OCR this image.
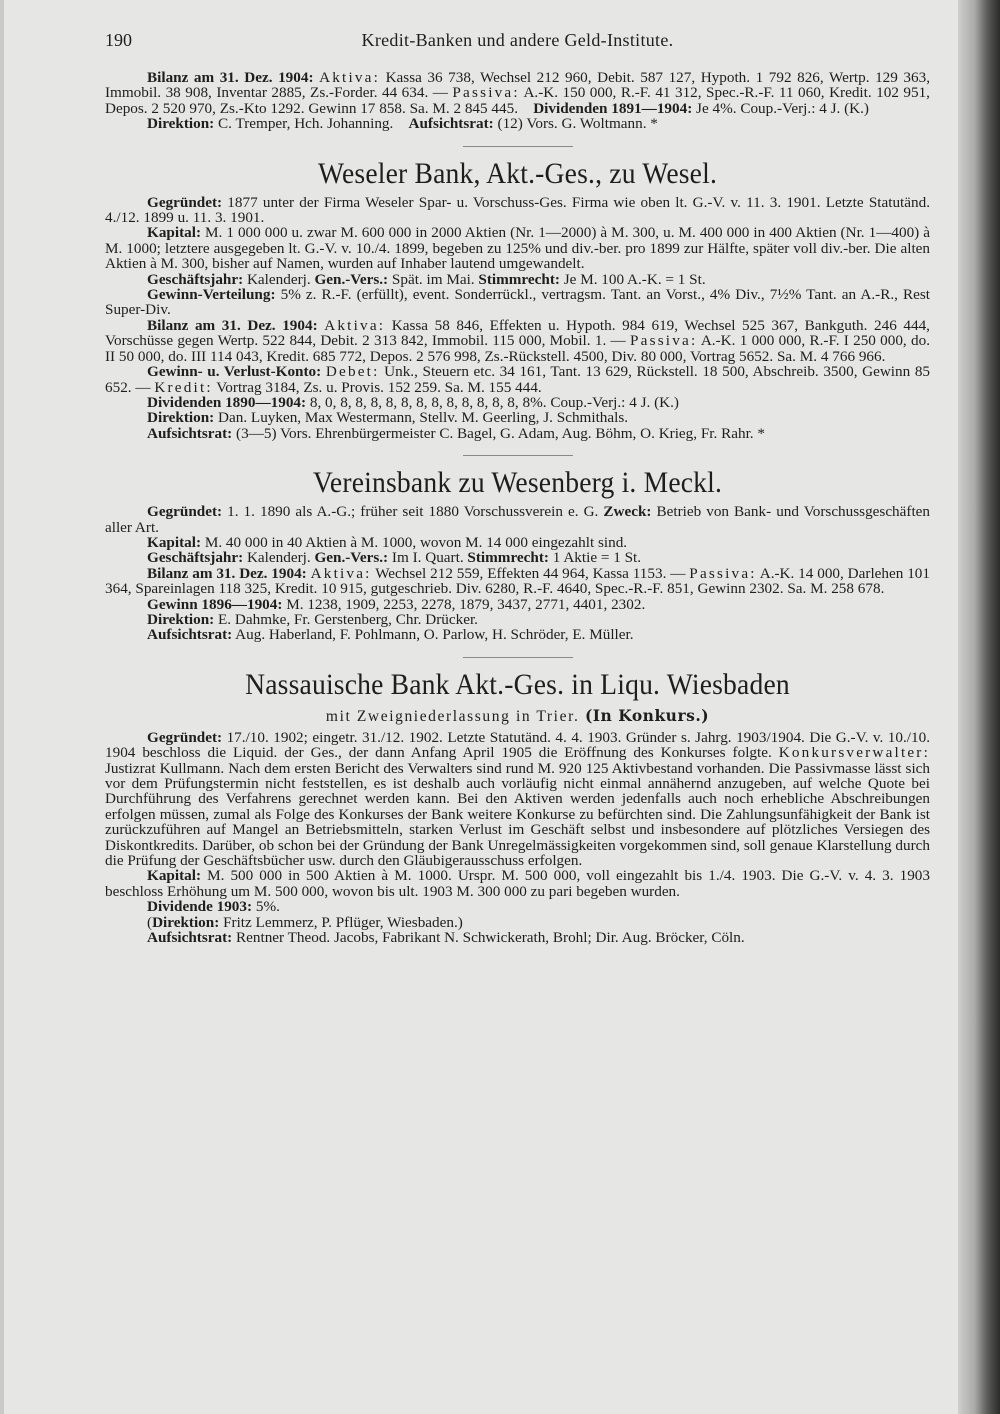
190	Kredit-Banken und andere Geld-Institute.

Bilanz am 31. Dez. 1904: Aktiva: Kassa 36 738, Wechsel 212 960, Debit. 587 127, Hypoth. 1 792 826, Wertp. 129 363, Immobil. 38 908, Inventar 2885, Zs.-Forder. 44 634. — Passiva: A.-K. 150 000, R.-F. 41 312, Spec.-R.-F. 11 060, Kredit. 102 951, Depos. 2 520 970, Zs.-Kto 1292. Gewinn 17 858. Sa. M. 2 845 445.    Dividenden 1891—1904: Je 4%. Coup.-Verj.: 4 J. (K.)

Direktion: C. Tremper, Hch. Johanning.    Aufsichtsrat: (12) Vors. G. Woltmann. *

Weseler Bank, Akt.-Ges., zu Wesel.

Gegründet: 1877 unter der Firma Weseler Spar- u. Vorschuss-Ges. Firma wie oben lt. G.-V. v. 11. 3. 1901. Letzte Statutänd. 4./12. 1899 u. 11. 3. 1901.

Kapital: M. 1 000 000 u. zwar M. 600 000 in 2000 Aktien (Nr. 1—2000) à M. 300, u. M. 400 000 in 400 Aktien (Nr. 1—400) à M. 1000; letztere ausgegeben lt. G.-V. v. 10./4. 1899, begeben zu 125% und div.-ber. pro 1899 zur Hälfte, später voll div.-ber. Die alten Aktien à M. 300, bisher auf Namen, wurden auf Inhaber lautend umgewandelt.

Geschäftsjahr: Kalenderj. Gen.-Vers.: Spät. im Mai. Stimmrecht: Je M. 100 A.-K. = 1 St.

Gewinn-Verteilung: 5% z. R.-F. (erfüllt), event. Sonderrückl., vertragsm. Tant. an Vorst., 4% Div., 7½% Tant. an A.-R., Rest Super-Div.

Bilanz am 31. Dez. 1904: Aktiva: Kassa 58 846, Effekten u. Hypoth. 984 619, Wechsel 525 367, Bankguth. 246 444, Vorschüsse gegen Wertp. 522 844, Debit. 2 313 842, Immobil. 115 000, Mobil. 1. — Passiva: A.-K. 1 000 000, R.-F. I 250 000, do. II 50 000, do. III 114 043, Kredit. 685 772, Depos. 2 576 998, Zs.-Rückstell. 4500, Div. 80 000, Vortrag 5652. Sa. M. 4 766 966.

Gewinn- u. Verlust-Konto: Debet: Unk., Steuern etc. 34 161, Tant. 13 629, Rückstell. 18 500, Abschreib. 3500, Gewinn 85 652. — Kredit: Vortrag 3184, Zs. u. Provis. 152 259. Sa. M. 155 444.

Dividenden 1890—1904: 8, 0, 8, 8, 8, 8, 8, 8, 8, 8, 8, 8, 8, 8, 8%. Coup.-Verj.: 4 J. (K.)

Direktion: Dan. Luyken, Max Westermann, Stellv. M. Geerling, J. Schmithals.

Aufsichtsrat: (3—5) Vors. Ehrenbürgermeister C. Bagel, G. Adam, Aug. Böhm, O. Krieg, Fr. Rahr. *

Vereinsbank zu Wesenberg i. Meckl.

Gegründet: 1. 1. 1890 als A.-G.; früher seit 1880 Vorschussverein e. G. Zweck: Betrieb von Bank- und Vorschussgeschäften aller Art.

Kapital: M. 40 000 in 40 Aktien à M. 1000, wovon M. 14 000 eingezahlt sind.

Geschäftsjahr: Kalenderj. Gen.-Vers.: Im I. Quart. Stimmrecht: 1 Aktie = 1 St.

Bilanz am 31. Dez. 1904: Aktiva: Wechsel 212 559, Effekten 44 964, Kassa 1153. — Passiva: A.-K. 14 000, Darlehen 101 364, Spareinlagen 118 325, Kredit. 10 915, gutgeschrieb. Div. 6280, R.-F. 4640, Spec.-R.-F. 851, Gewinn 2302. Sa. M. 258 678.

Gewinn 1896—1904: M. 1238, 1909, 2253, 2278, 1879, 3437, 2771, 4401, 2302.

Direktion: E. Dahmke, Fr. Gerstenberg, Chr. Drücker.

Aufsichtsrat: Aug. Haberland, F. Pohlmann, O. Parlow, H. Schröder, E. Müller.

Nassauische Bank Akt.-Ges. in Liqu. Wiesbaden
mit Zweigniederlassung in Trier. (In Konkurs.)

Gegründet: 17./10. 1902; eingetr. 31./12. 1902. Letzte Statutänd. 4. 4. 1903. Gründer s. Jahrg. 1903/1904. Die G.-V. v. 10./10. 1904 beschloss die Liquid. der Ges., der dann Anfang April 1905 die Eröffnung des Konkurses folgte. Konkursverwalter: Justizrat Kullmann. Nach dem ersten Bericht des Verwalters sind rund M. 920 125 Aktivbestand vorhanden. Die Passivmasse lässt sich vor dem Prüfungstermin nicht feststellen, es ist deshalb auch vorläufig nicht einmal annähernd anzugeben, auf welche Quote bei Durchführung des Verfahrens gerechnet werden kann. Bei den Aktiven werden jedenfalls auch noch erhebliche Abschreibungen erfolgen müssen, zumal als Folge des Konkurses der Bank weitere Konkurse zu befürchten sind. Die Zahlungsunfähigkeit der Bank ist zurückzuführen auf Mangel an Betriebsmitteln, starken Verlust im Geschäft selbst und insbesondere auf plötzliches Versiegen des Diskontkredits. Darüber, ob schon bei der Gründung der Bank Unregelmässigkeiten vorgekommen sind, soll genaue Klarstellung durch die Prüfung der Geschäftsbücher usw. durch den Gläubigerausschuss erfolgen.

Kapital: M. 500 000 in 500 Aktien à M. 1000. Urspr. M. 500 000, voll eingezahlt bis 1./4. 1903. Die G.-V. v. 4. 3. 1903 beschloss Erhöhung um M. 500 000, wovon bis ult. 1903 M. 300 000 zu pari begeben wurden.

Dividende 1903: 5%.

(Direktion: Fritz Lemmerz, P. Pflüger, Wiesbaden.)

Aufsichtsrat: Rentner Theod. Jacobs, Fabrikant N. Schwickerath, Brohl; Dir. Aug. Bröcker, Cöln.
